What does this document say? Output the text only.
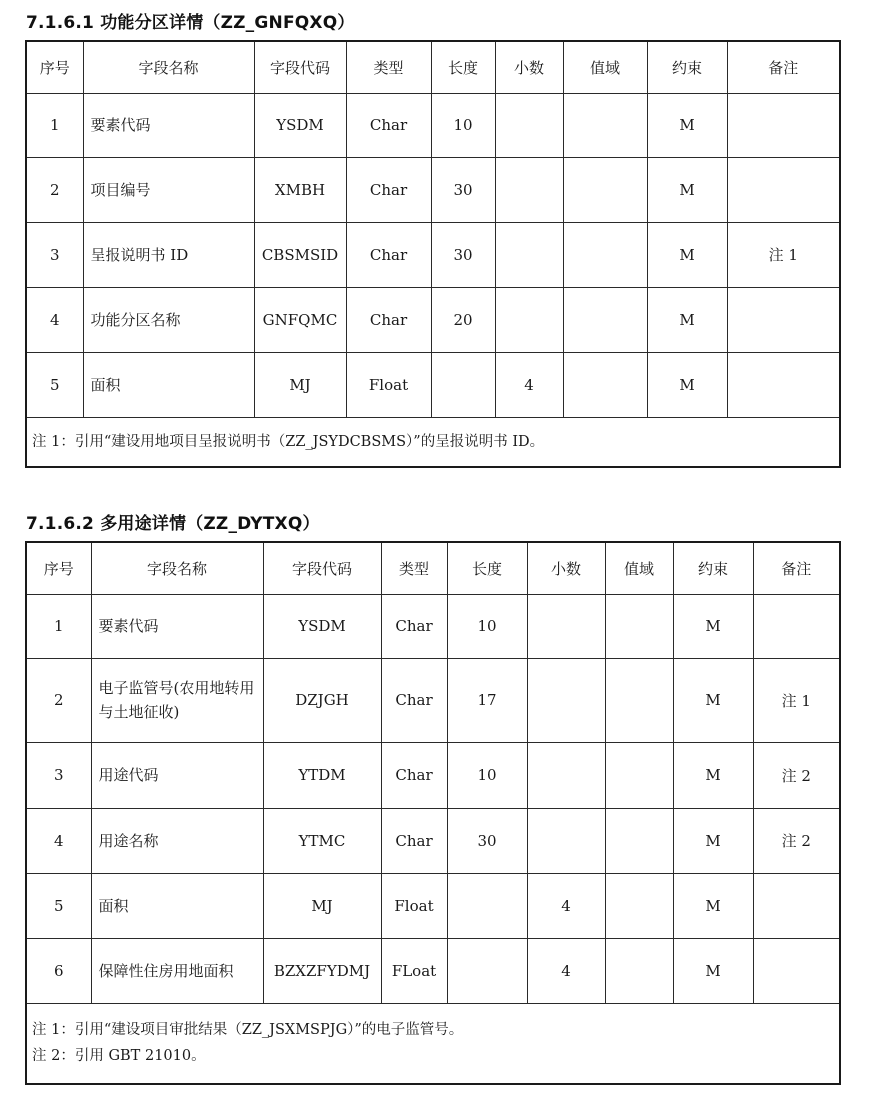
7.1.6.1 功能分区详情（ZZ_GNFQXQ）
序号	字段名称	字段代码	类型	长度	小数	值域	约束	备注
1	要素代码	YSDM	Char	10			M	
2	项目编号	XMBH	Char	30			M	
3	呈报说明书 ID	CBSMSID	Char	30			M	注 1
4	功能分区名称	GNFQMC	Char	20			M	
5	面积	MJ	Float		4		M	

注 1：引用“建设用地项目呈报说明书（ZZ_JSYDCBSMS）”的呈报说明书 ID。								
7.1.6.2 多用途详情（ZZ_DYTXQ）
序号	字段名称	字段代码	类型	长度	小数	值域	约束	备注
1	要素代码	YSDM	Char	10			M	
2	电子监管号(农用地转用与土地征收)	DZJGH	Char	17			M	注 1
3	用途代码	YTDM	Char	10			M	注 2
4	用途名称	YTMC	Char	30			M	注 2
5	面积	MJ	Float		4		M	
6	保障性住房用地面积	BZXZFYDMJ	FLoat		4		M	

注 1：引用“建设项目审批结果（ZZ_JSXMSPJG）”的电子监管号。
注 2：引用 GBT 21010。								
